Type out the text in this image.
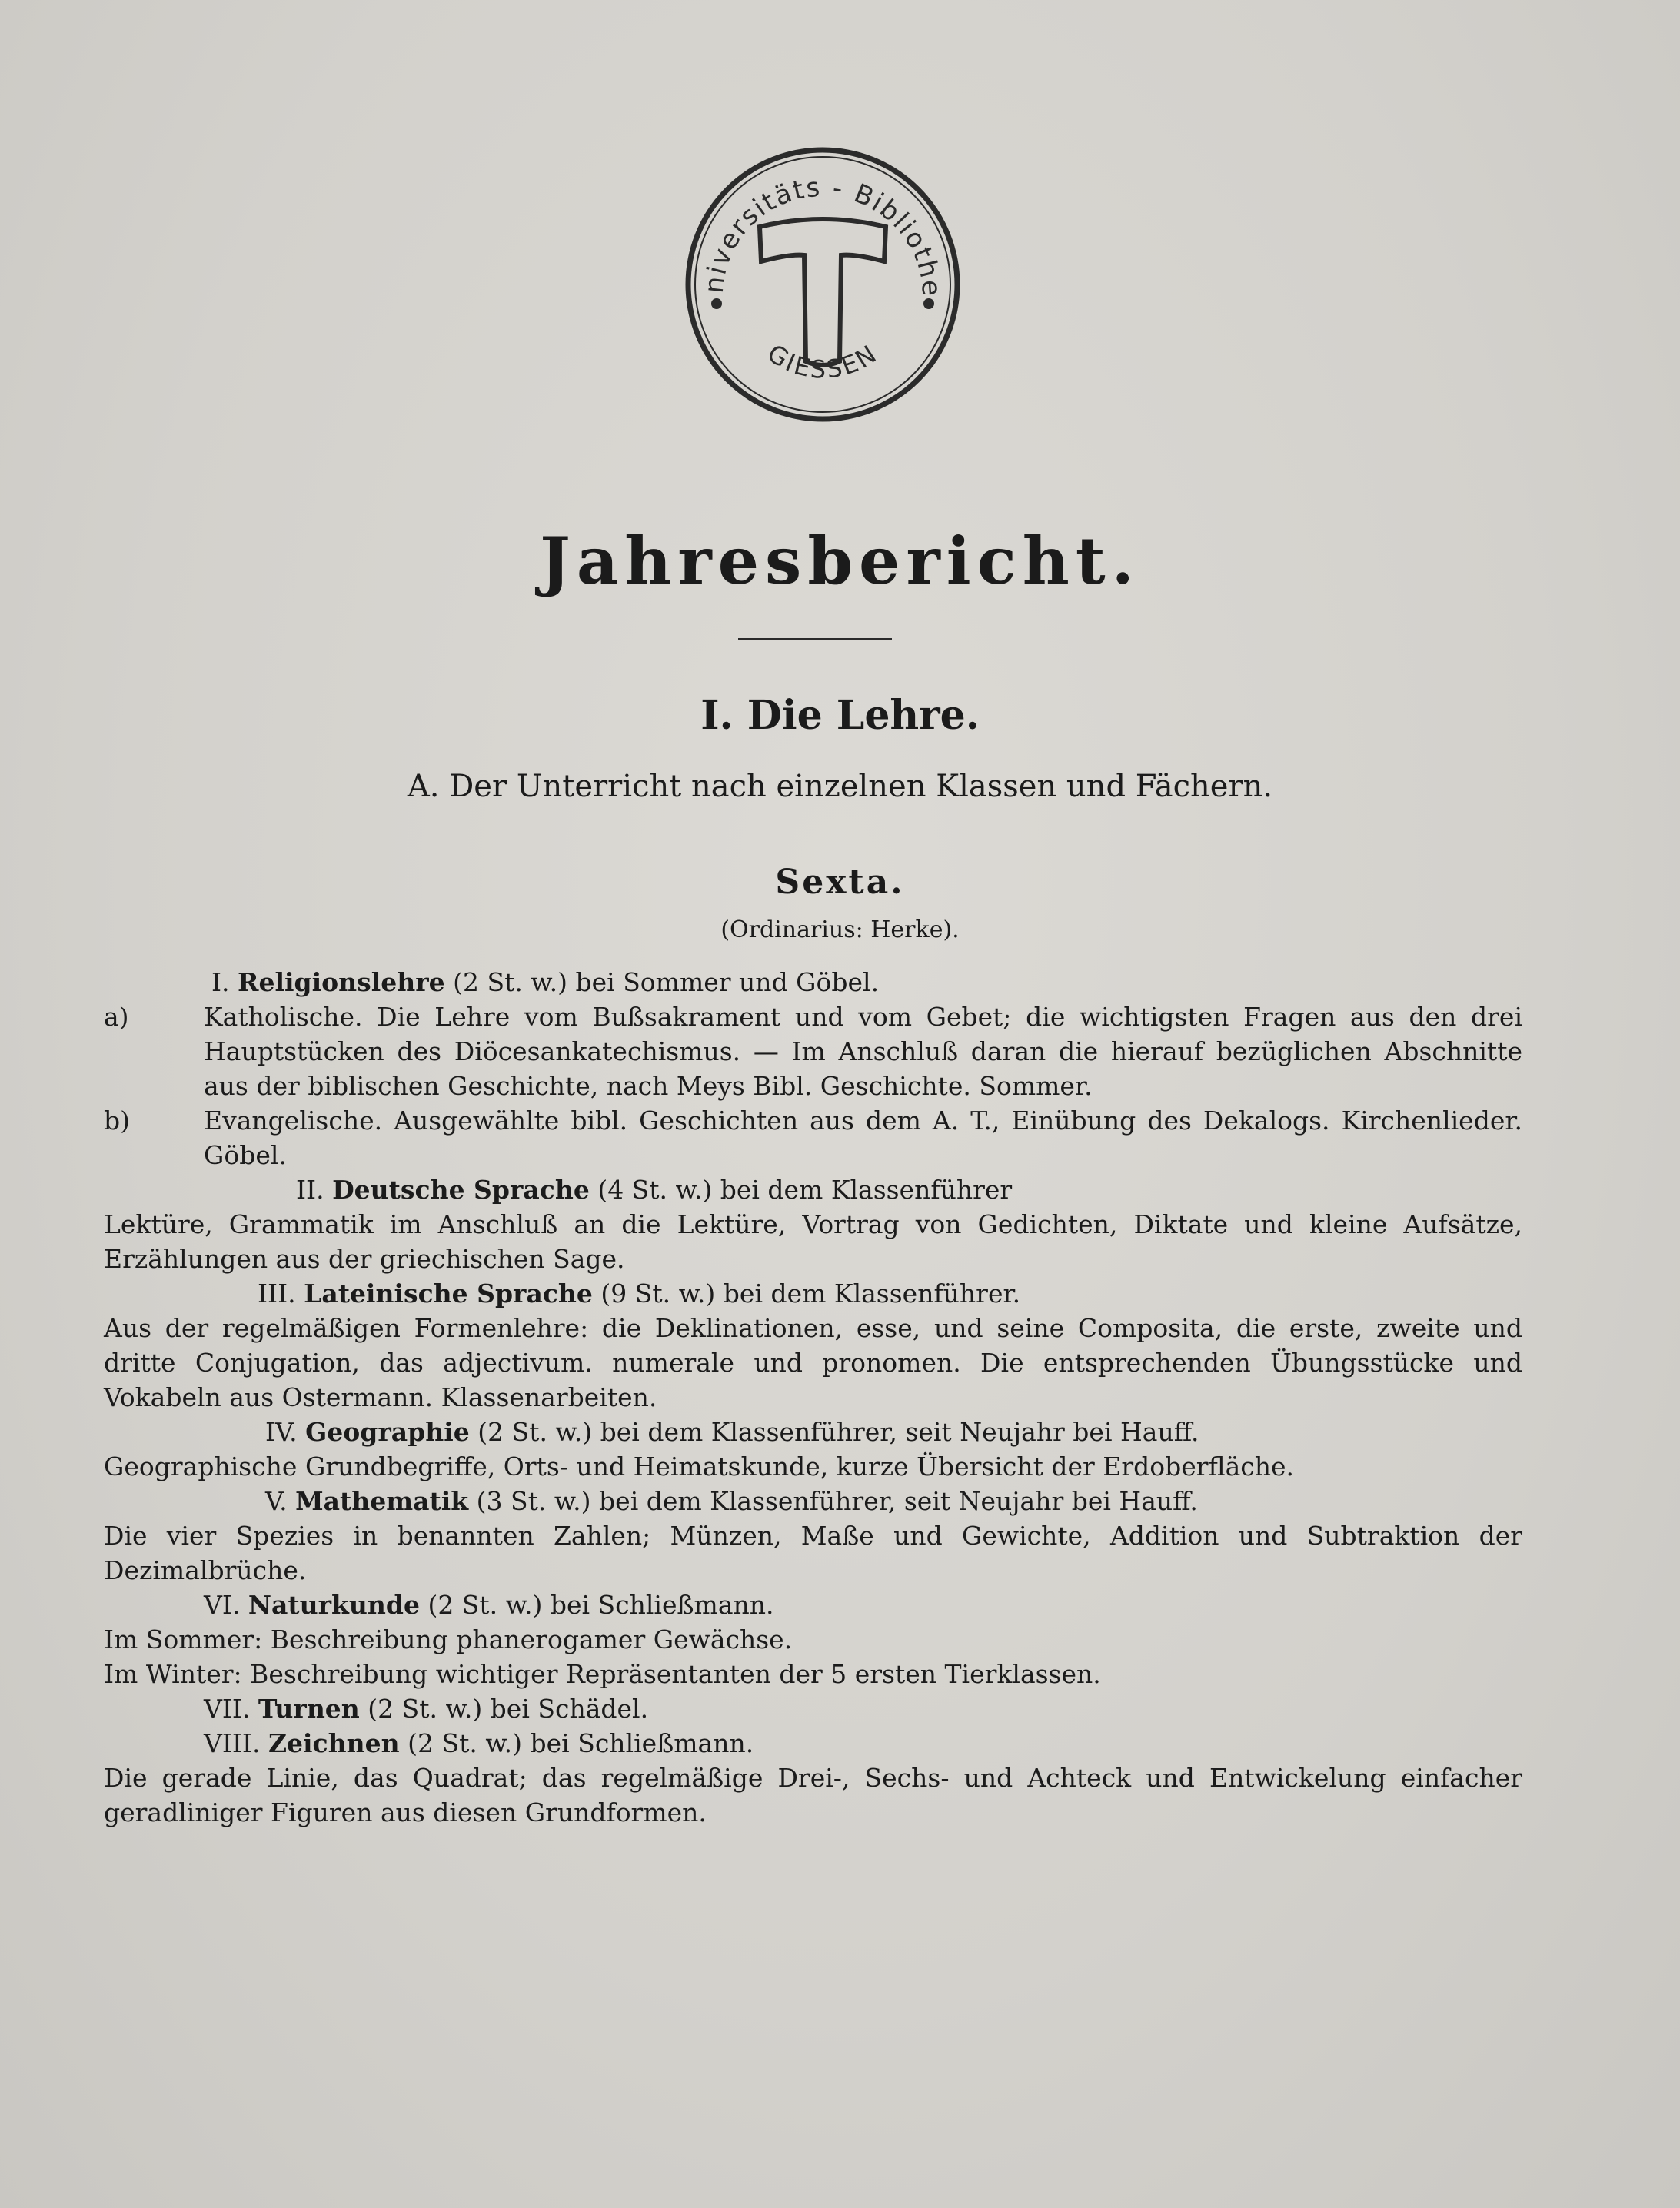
niversitäts - Bibliothe
GIESSEN
Jahresbericht.
I. Die Lehre.
A. Der Unterricht nach einzelnen Klassen und Fächern.
Sexta.
(Ordinarius: Herke).

I. Religionslehre (2 St. w.) bei Sommer und Göbel.

a)	Katholische. Die Lehre vom Bußsakrament und vom Gebet; die wichtigsten Fragen aus den drei Hauptstücken des Diöcesankatechismus. — Im Anschluß daran die hierauf bezüglichen Abschnitte aus der biblischen Geschichte, nach Meys Bibl. Geschichte. Sommer.
b)	Evangelische. Ausgewählte bibl. Geschichten aus dem A. T., Einübung des Dekalogs. Kirchenlieder. Göbel.

II. Deutsche Sprache (4 St. w.) bei dem Klassenführer

Lektüre, Grammatik im Anschluß an die Lektüre, Vortrag von Gedichten, Diktate und kleine Aufsätze, Erzählungen aus der griechischen Sage.

III. Lateinische Sprache (9 St. w.) bei dem Klassenführer.

Aus der regelmäßigen Formenlehre: die Deklinationen, esse, und seine Composita, die erste, zweite und dritte Conjugation, das adjectivum. numerale und pronomen. Die entsprechenden Übungsstücke und Vokabeln aus Ostermann. Klassenarbeiten.

IV. Geographie (2 St. w.) bei dem Klassenführer, seit Neujahr bei Hauff.

Geographische Grundbegriffe, Orts- und Heimatskunde, kurze Übersicht der Erdoberfläche.

V. Mathematik (3 St. w.) bei dem Klassenführer, seit Neujahr bei Hauff.

Die vier Spezies in benannten Zahlen; Münzen, Maße und Gewichte, Addition und Subtraktion der Dezimalbrüche.

VI. Naturkunde (2 St. w.) bei Schließmann.

Im Sommer: Beschreibung phanerogamer Gewächse.

Im Winter: Beschreibung wichtiger Repräsentanten der 5 ersten Tierklassen.

VII. Turnen (2 St. w.) bei Schädel.

VIII. Zeichnen (2 St. w.) bei Schließmann.

Die gerade Linie, das Quadrat; das regelmäßige Drei-, Sechs- und Achteck und Entwickelung einfacher geradliniger Figuren aus diesen Grundformen.
